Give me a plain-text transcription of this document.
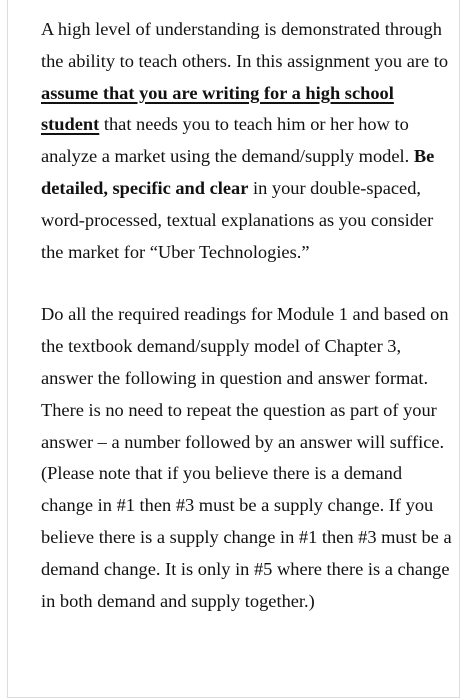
A high level of understanding is demonstrated through the ability to teach others. In this assignment you are to assume that you are writing for a high school student that needs you to teach him or her how to analyze a market using the demand/supply model. Be detailed, specific and clear in your double-spaced, word-processed, textual explanations as you consider the market for “Uber Technologies.”

Do all the required readings for Module 1 and based on the textbook demand/supply model of Chapter 3, answer the following in question and answer format. There is no need to repeat the question as part of your answer – a number followed by an answer will suffice. (Please note that if you believe there is a demand change in #1 then #3 must be a supply change. If you believe there is a supply change in #1 then #3 must be a demand change. It is only in #5 where there is a change in both demand and supply together.)
